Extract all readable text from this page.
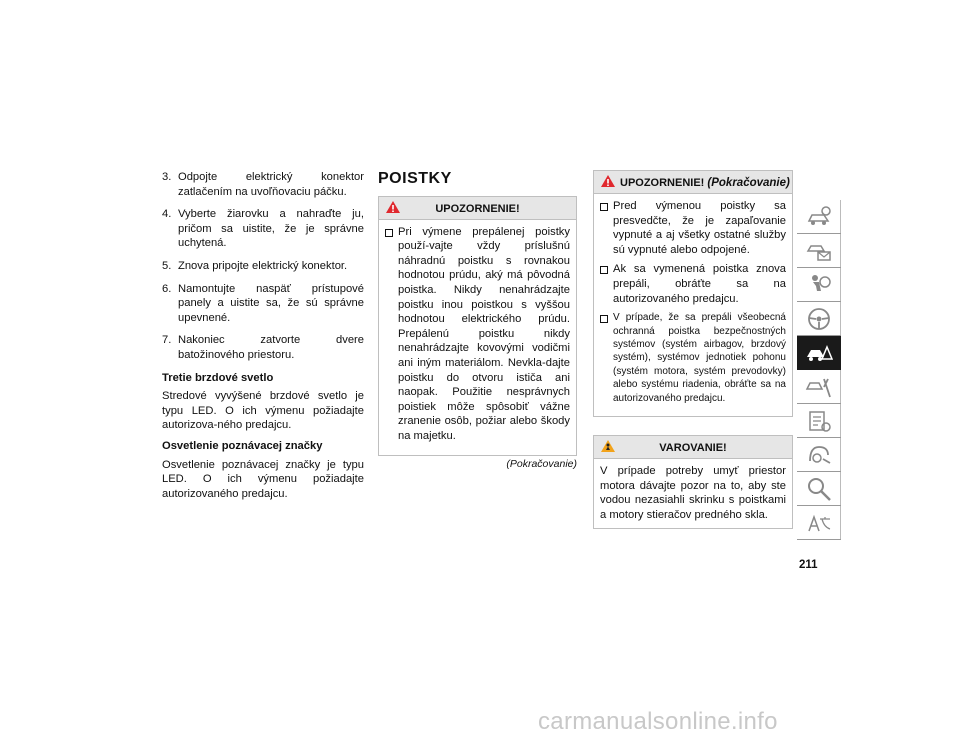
3. Odpojte elektrický konektor zatlačením na uvoľňovaciu páčku.
4. Vyberte žiarovku a nahraďte ju, pričom sa uistite, že je správne uchytená.
5. Znova pripojte elektrický konektor.
6. Namontujte naspäť prístupové panely a uistite sa, že sú správne upevnené.
7. Nakoniec zatvorte dvere batožinového priestoru.
Tretie brzdové svetlo
Stredové vyvýšené brzdové svetlo je typu LED. O ich výmenu požiadajte autorizova-ného predajcu.
Osvetlenie poznávacej značky
Osvetlenie poznávacej značky je typu LED. O ich výmenu požiadajte autorizovaného predajcu.
POISTKY
UPOZORNENIE!
Pri výmene prepálenej poistky použí-vajte vždy príslušnú náhradnú poistku s rovnakou hodnotou prúdu, aký má pôvodná poistka. Nikdy nenahrádzajte poistku inou poistkou s vyššou hodnotou elektrického prúdu. Prepálenú poistku nikdy nenahrádzajte kovovými vodičmi ani iným materiálom. Nevkla-dajte poistku do otvoru ističa ani naopak. Použitie nesprávnych poistiek môže spôsobiť vážne zranenie osôb, požiar alebo škody na majetku.
(Pokračovanie)
UPOZORNENIE! (Pokračovanie)
Pred výmenou poistky sa presvedčte, že je zapaľovanie vypnuté a aj všetky ostatné služby sú vypnuté alebo odpojené.
Ak sa vymenená poistka znova prepáli, obráťte sa na autorizovaného predajcu.
V prípade, že sa prepáli všeobecná ochranná poistka bezpečnostných systémov (systém airbagov, brzdový systém), systémov jednotiek pohonu (systém motora, systém prevodovky) alebo systému riadenia, obráťte sa na autorizovaného predajcu.
VAROVANIE!
V prípade potreby umyť priestor motora dávajte pozor na to, aby ste vodou nezasiahli skrinku s poistkami a motory stieračov predného skla.
211
carmanualsonline.info
